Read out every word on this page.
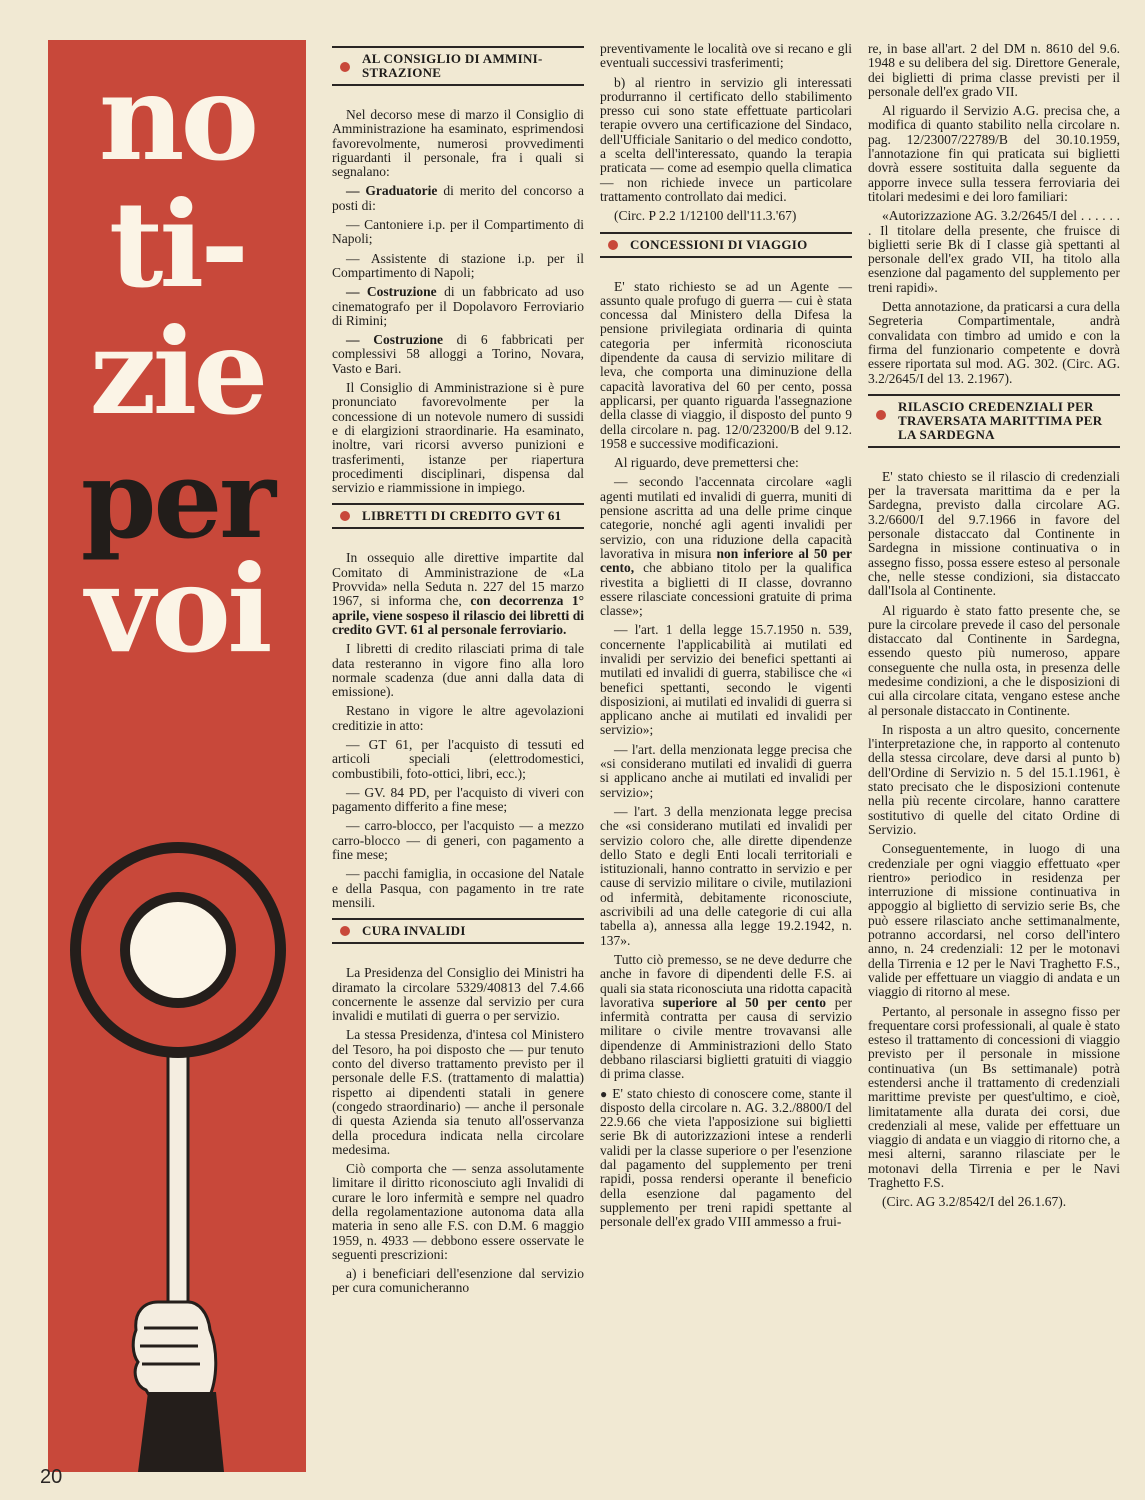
no
ti-
zie
per
voi
AL CONSIGLIO DI AMMINI- STRAZIONE

Nel decorso mese di marzo il Consiglio di Amministrazione ha esaminato, esprimendosi favorevolmente, numerosi provvedimenti riguardanti il personale, fra i quali si segnalano:

— Graduatorie di merito del concorso a posti di:

— Cantoniere i.p. per il Compartimento di Napoli;

— Assistente di stazione i.p. per il Compartimento di Napoli;

— Costruzione di un fabbricato ad uso cinematografo per il Dopolavoro Ferroviario di Rimini;

— Costruzione di 6 fabbricati per complessivi 58 alloggi a Torino, Novara, Vasto e Bari.

Il Consiglio di Amministrazione si è pure pronunciato favorevolmente per la concessione di un notevole numero di sussidi e di elargizioni straordinarie. Ha esaminato, inoltre, vari ricorsi avverso punizioni e trasferimenti, istanze per riapertura procedimenti disciplinari, dispensa dal servizio e riammissione in impiego.

LIBRETTI DI CREDITO GVT 61

In ossequio alle direttive impartite dal Comitato di Amministrazione de «La Provvida» nella Seduta n. 227 del 15 marzo 1967, si informa che, con decorrenza 1° aprile, viene sospeso il rilascio dei libretti di credito GVT. 61 al personale ferroviario.

I libretti di credito rilasciati prima di tale data resteranno in vigore fino alla loro normale scadenza (due anni dalla data di emissione).

Restano in vigore le altre agevolazioni creditizie in atto:

— GT 61, per l'acquisto di tessuti ed articoli speciali (elettrodomestici, combustibili, foto-ottici, libri, ecc.);

— GV. 84 PD, per l'acquisto di viveri con pagamento differito a fine mese;

— carro-blocco, per l'acquisto — a mezzo carro-blocco — di generi, con pagamento a fine mese;

— pacchi famiglia, in occasione del Natale e della Pasqua, con pagamento in tre rate mensili.

CURA INVALIDI

La Presidenza del Consiglio dei Ministri ha diramato la circolare 5329/40813 del 7.4.66 concernente le assenze dal servizio per cura invalidi e mutilati di guerra o per servizio.

La stessa Presidenza, d'intesa col Ministero del Tesoro, ha poi disposto che — pur tenuto conto del diverso trattamento previsto per il personale delle F.S. (trattamento di malattia) rispetto ai dipendenti statali in genere (congedo straordinario) — anche il personale di questa Azienda sia tenuto all'osservanza della procedura indicata nella circolare medesima.

Ciò comporta che — senza assolutamente limitare il diritto riconosciuto agli Invalidi di curare le loro infermità e sempre nel quadro della regolamentazione autonoma data alla materia in seno alle F.S. con D.M. 6 maggio 1959, n. 4933 — debbono essere osservate le seguenti prescrizioni:

a) i beneficiari dell'esenzione dal servizio per cura comunicheranno

preventivamente le località ove si recano e gli eventuali successivi trasferimenti;

b) al rientro in servizio gli interessati produrranno il certificato dello stabilimento presso cui sono state effettuate particolari terapie ovvero una certificazione del Sindaco, dell'Ufficiale Sanitario o del medico condotto, a scelta dell'interessato, quando la terapia praticata — come ad esempio quella climatica — non richiede invece un particolare trattamento controllato dai medici.

(Circ. P 2.2 1/12100 dell'11.3.'67)

CONCESSIONI DI VIAGGIO

E' stato richiesto se ad un Agente — assunto quale profugo di guerra — cui è stata concessa dal Ministero della Difesa la pensione privilegiata ordinaria di quinta categoria per infermità riconosciuta dipendente da causa di servizio militare di leva, che comporta una diminuzione della capacità lavorativa del 60 per cento, possa applicarsi, per quanto riguarda l'assegnazione della classe di viaggio, il disposto del punto 9 della circolare n. pag. 12/0/23200/B del 9.12. 1958 e successive modificazioni.

Al riguardo, deve premettersi che:

— secondo l'accennata circolare «agli agenti mutilati ed invalidi di guerra, muniti di pensione ascritta ad una delle prime cinque categorie, nonché agli agenti invalidi per servizio, con una riduzione della capacità lavorativa in misura non inferiore al 50 per cento, che abbiano titolo per la qualifica rivestita a biglietti di II classe, dovranno essere rilasciate concessioni gratuite di prima classe»;

— l'art. 1 della legge 15.7.1950 n. 539, concernente l'applicabilità ai mutilati ed invalidi per servizio dei benefici spettanti ai mutilati ed invalidi di guerra, stabilisce che «i benefici spettanti, secondo le vigenti disposizioni, ai mutilati ed invalidi di guerra si applicano anche ai mutilati ed invalidi per servizio»;

— l'art. della menzionata legge precisa che «si considerano mutilati ed invalidi di guerra si applicano anche ai mutilati ed invalidi per servizio»;

— l'art. 3 della menzionata legge precisa che «si considerano mutilati ed invalidi per servizio coloro che, alle dirette dipendenze dello Stato e degli Enti locali territoriali e istituzionali, hanno contratto in servizio e per cause di servizio militare o civile, mutilazioni od infermità, debitamente riconosciute, ascrivibili ad una delle categorie di cui alla tabella a), annessa alla legge 19.2.1942, n. 137».

Tutto ciò premesso, se ne deve dedurre che anche in favore di dipendenti delle F.S. ai quali sia stata riconosciuta una ridotta capacità lavorativa superiore al 50 per cento per infermità contratta per causa di servizio militare o civile mentre trovavansi alle dipendenze di Amministrazioni dello Stato debbano rilasciarsi biglietti gratuiti di viaggio di prima classe.

● E' stato chiesto di conoscere come, stante il disposto della circolare n. AG. 3.2./8800/I del 22.9.66 che vieta l'apposizione sui biglietti serie Bk di autorizzazioni intese a renderli validi per la classe superiore o per l'esenzione dal pagamento del supplemento per treni rapidi, possa rendersi operante il beneficio della esenzione dal pagamento del supplemento per treni rapidi spettante al personale dell'ex grado VIII ammesso a frui-

re, in base all'art. 2 del DM n. 8610 del 9.6. 1948 e su delibera del sig. Direttore Generale, dei biglietti di prima classe previsti per il personale dell'ex grado VII.

Al riguardo il Servizio A.G. precisa che, a modifica di quanto stabilito nella circolare n. pag. 12/23007/22789/B del 30.10.1959, l'annotazione fin qui praticata sui biglietti dovrà essere sostituita dalla seguente da apporre invece sulla tessera ferroviaria dei titolari medesimi e dei loro familiari:

«Autorizzazione AG. 3.2/2645/I del . . . . . . . Il titolare della presente, che fruisce di biglietti serie Bk di I classe già spettanti al personale dell'ex grado VII, ha titolo alla esenzione dal pagamento del supplemento per treni rapidi».

Detta annotazione, da praticarsi a cura della Segreteria Compartimentale, andrà convalidata con timbro ad umido e con la firma del funzionario competente e dovrà essere riportata sul mod. AG. 302. (Circ. AG. 3.2/2645/I del 13. 2.1967).

RILASCIO CREDENZIALI PER TRAVERSATA MARITTIMA PER LA SARDEGNA

E' stato chiesto se il rilascio di credenziali per la traversata marittima da e per la Sardegna, previsto dalla circolare AG. 3.2/6600/I del 9.7.1966 in favore del personale distaccato dal Continente in Sardegna in missione continuativa o in assegno fisso, possa essere esteso al personale che, nelle stesse condizioni, sia distaccato dall'Isola al Continente.

Al riguardo è stato fatto presente che, se pure la circolare prevede il caso del personale distaccato dal Continente in Sardegna, essendo questo più numeroso, appare conseguente che nulla osta, in presenza delle medesime condizioni, a che le disposizioni di cui alla circolare citata, vengano estese anche al personale distaccato in Continente.

In risposta a un altro quesito, concernente l'interpretazione che, in rapporto al contenuto della stessa circolare, deve darsi al punto b) dell'Ordine di Servizio n. 5 del 15.1.1961, è stato precisato che le disposizioni contenute nella più recente circolare, hanno carattere sostitutivo di quelle del citato Ordine di Servizio.

Conseguentemente, in luogo di una credenziale per ogni viaggio effettuato «per rientro» periodico in residenza per interruzione di missione continuativa in appoggio al biglietto di servizio serie Bs, che può essere rilasciato anche settimanalmente, potranno accordarsi, nel corso dell'intero anno, n. 24 credenziali: 12 per le motonavi della Tirrenia e 12 per le Navi Traghetto F.S., valide per effettuare un viaggio di andata e un viaggio di ritorno al mese.

Pertanto, al personale in assegno fisso per frequentare corsi professionali, al quale è stato esteso il trattamento di concessioni di viaggio previsto per il personale in missione continuativa (un Bs settimanale) potrà estendersi anche il trattamento di credenziali marittime previste per quest'ultimo, e cioè, limitatamente alla durata dei corsi, due credenziali al mese, valide per effettuare un viaggio di andata e un viaggio di ritorno che, a mesi alterni, saranno rilasciate per le motonavi della Tirrenia e per le Navi Traghetto F.S.

(Circ. AG 3.2/8542/I del 26.1.67).

20
